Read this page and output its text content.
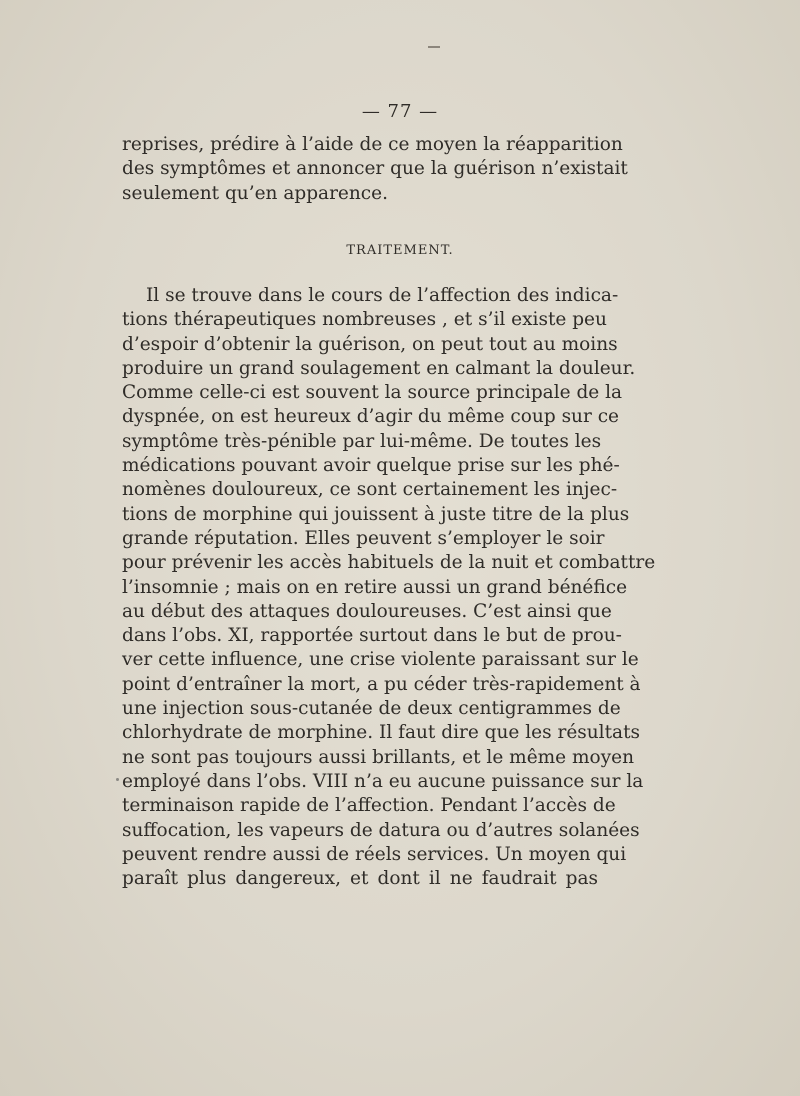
— 77 —
reprises, prédire à l’aide de ce moyen la réapparition
des symptômes et annoncer que la guérison n’existait
seulement qu’en apparence.
TRAITEMENT.
Il se trouve dans le cours de l’affection des indica-
tions thérapeutiques nombreuses , et s’il existe peu
d’espoir d’obtenir la guérison, on peut tout au moins
produire un grand soulagement en calmant la douleur.
Comme celle-ci est souvent la source principale de la
dyspnée, on est heureux d’agir du même coup sur ce
symptôme très-pénible par lui-même. De toutes les
médications pouvant avoir quelque prise sur les phé-
nomènes douloureux, ce sont certainement les injec-
tions de morphine qui jouissent à juste titre de la plus
grande réputation. Elles peuvent s’employer le soir
pour prévenir les accès habituels de la nuit et combattre
l’insomnie ; mais on en retire aussi un grand bénéfice
au début des attaques douloureuses. C’est ainsi que
dans l’obs. XI, rapportée surtout dans le but de prou-
ver cette influence, une crise violente paraissant sur le
point d’entraîner la mort, a pu céder très-rapidement à
une injection sous-cutanée de deux centigrammes de
chlorhydrate de morphine. Il faut dire que les résultats
ne sont pas toujours aussi brillants, et le même moyen
employé dans l’obs. VIII n’a eu aucune puissance sur la
terminaison rapide de l’affection. Pendant l’accès de
suffocation, les vapeurs de datura ou d’autres solanées
peuvent rendre aussi de réels services. Un moyen qui
paraît plus dangereux, et dont il ne faudrait pas
